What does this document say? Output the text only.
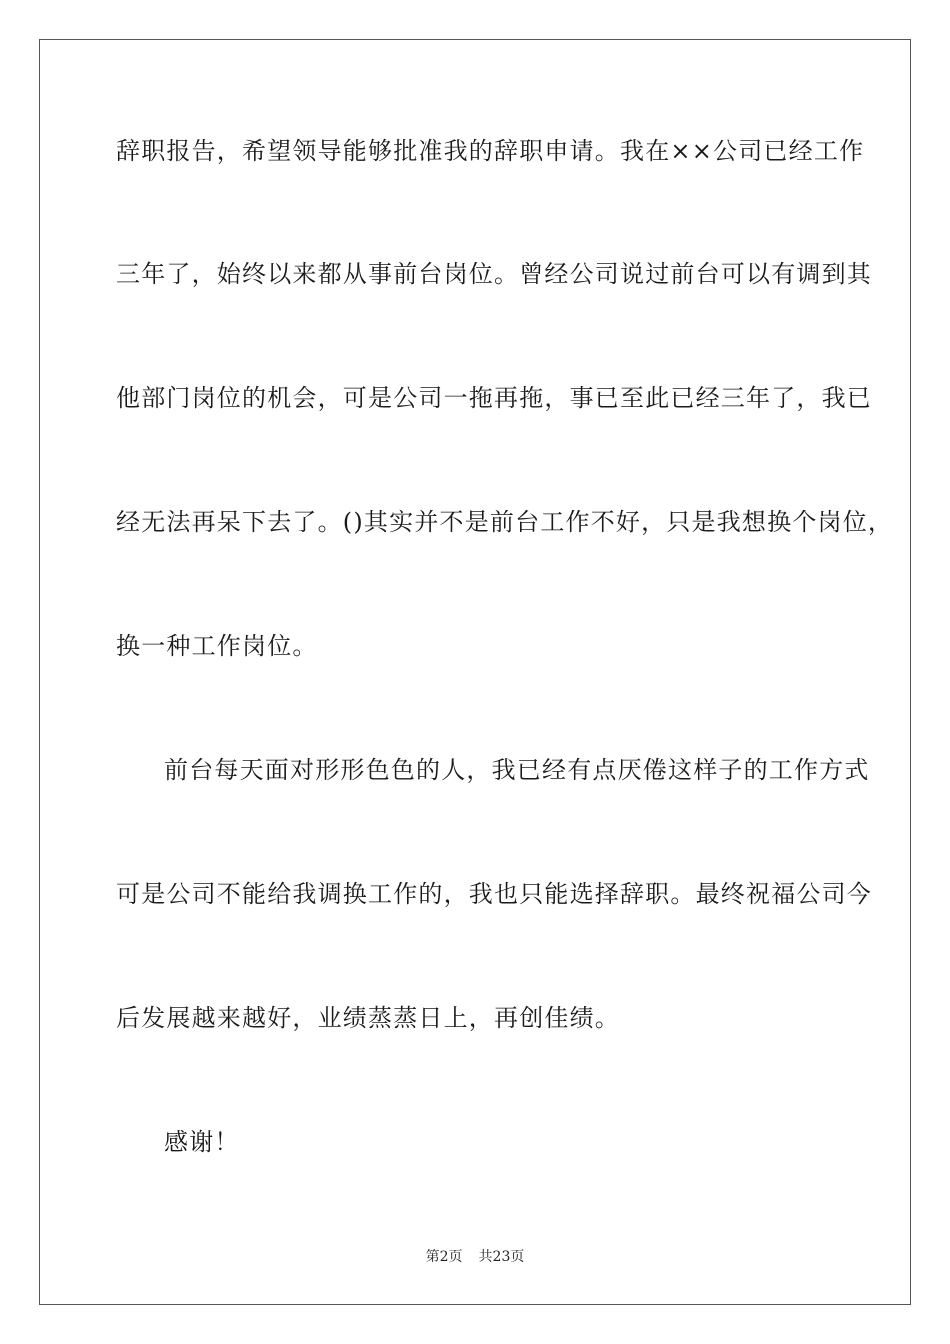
辞职报告，希望领导能够批准我的辞职申请。我在××公司已经工作
三年了，始终以来都从事前台岗位。曾经公司说过前台可以有调到其
他部门岗位的机会，可是公司一拖再拖，事已至此已经三年了，我已
经无法再呆下去了。()其实并不是前台工作不好，只是我想换个岗位，
换一种工作岗位。
前台每天面对形形色色的人，我已经有点厌倦这样子的工作方式
可是公司不能给我调换工作的，我也只能选择辞职。最终祝福公司今
后发展越来越好，业绩蒸蒸日上，再创佳绩。
感谢！
第2页 共23页
